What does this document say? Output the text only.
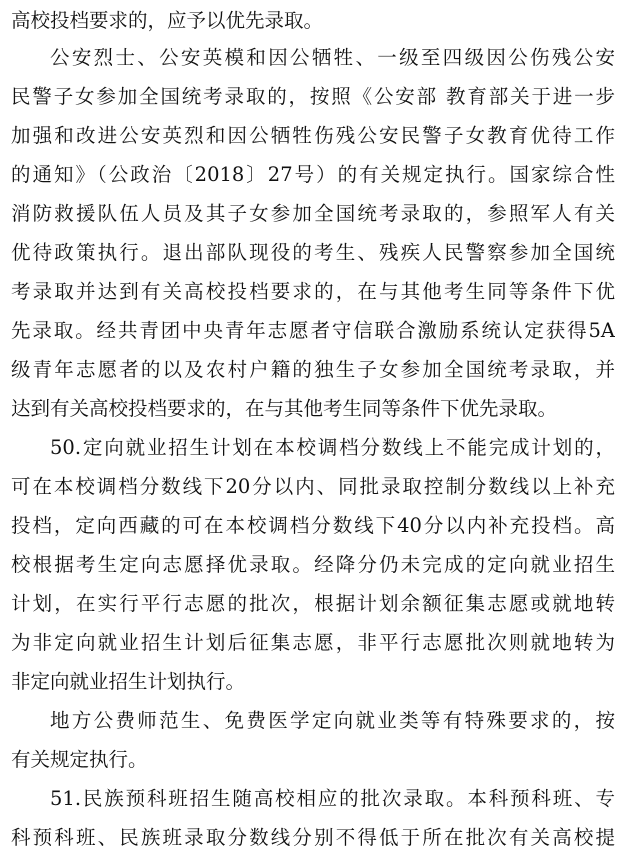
高校投档要求的，应予以优先录取。
公安烈士、公安英模和因公牺牲、一级至四级因公伤残公安
民警子女参加全国统考录取的，按照《公安部 教育部关于进一步
加强和改进公安英烈和因公牺牲伤残公安民警子女教育优待工作
的通知》（公政治〔2018〕27号）的有关规定执行。国家综合性
消防救援队伍人员及其子女参加全国统考录取的，参照军人有关
优待政策执行。退出部队现役的考生、残疾人民警察参加全国统
考录取并达到有关高校投档要求的，在与其他考生同等条件下优
先录取。经共青团中央青年志愿者守信联合激励系统认定获得5A
级青年志愿者的以及农村户籍的独生子女参加全国统考录取，并
达到有关高校投档要求的，在与其他考生同等条件下优先录取。
50.定向就业招生计划在本校调档分数线上不能完成计划的，
可在本校调档分数线下20分以内、同批录取控制分数线以上补充
投档，定向西藏的可在本校调档分数线下40分以内补充投档。高
校根据考生定向志愿择优录取。经降分仍未完成的定向就业招生
计划，在实行平行志愿的批次，根据计划余额征集志愿或就地转
为非定向就业招生计划后征集志愿，非平行志愿批次则就地转为
非定向就业招生计划执行。
地方公费师范生、免费医学定向就业类等有特殊要求的，按
有关规定执行。
51.民族预科班招生随高校相应的批次录取。本科预科班、专
科预科班、民族班录取分数线分别不得低于所在批次有关高校提
